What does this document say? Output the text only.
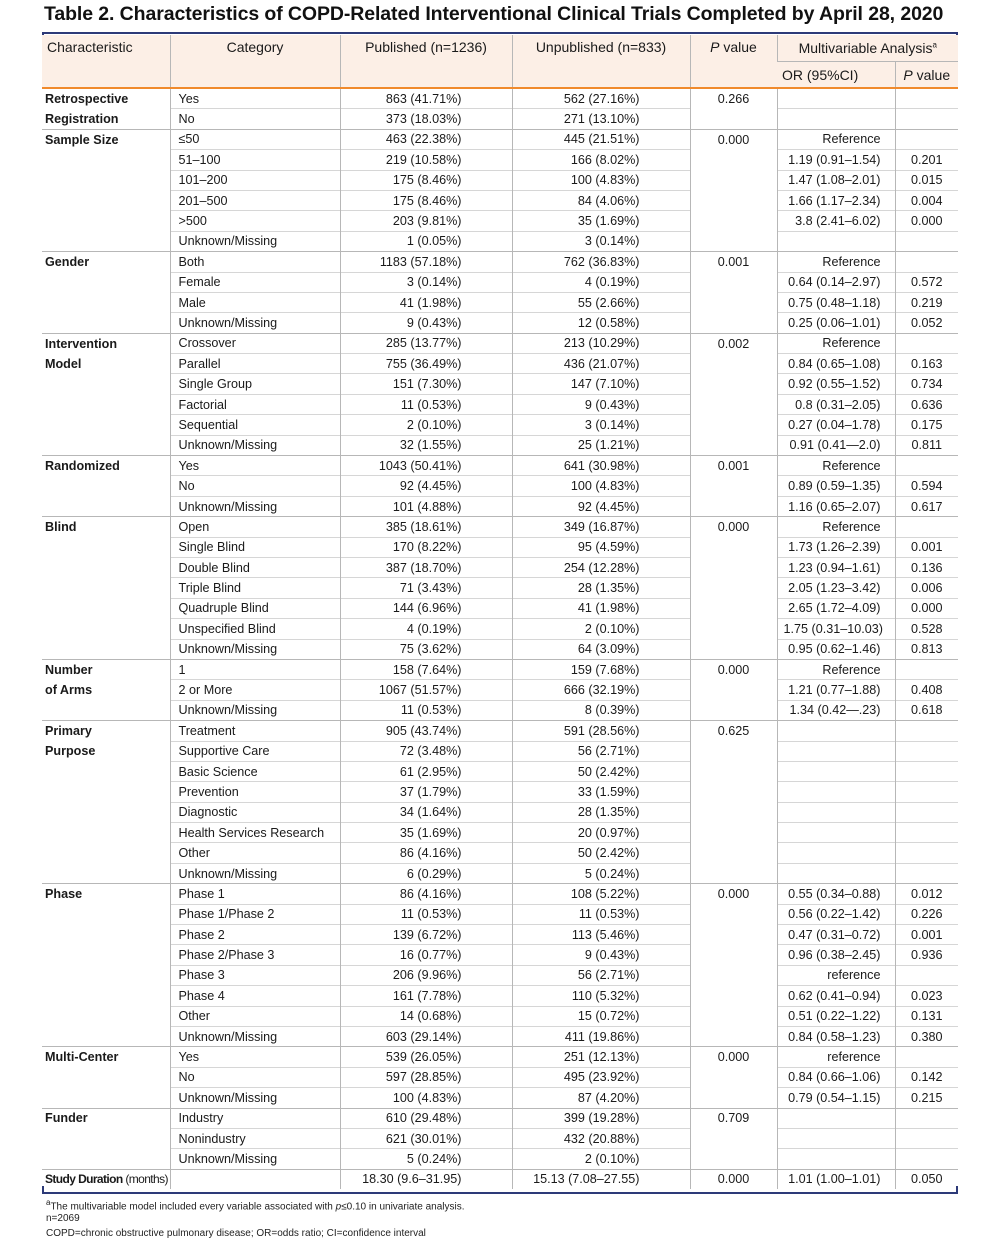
Table 2. Characteristics of COPD-Related Interventional Clinical Trials Completed by April 28, 2020
Characteristic	Category	Published (n=1236)	Unpublished (n=833)	P value	Multivariable Analysis$^a$
					OR (95%CI)	P value
Retrospective	Yes	863 (41.71%)	562 (27.16%)	0.266		
Registration	No	373 (18.03%)	271 (13.10%)			
Sample Size	≤50	463 (22.38%)	445 (21.51%)	0.000	Reference	
	51–100	219 (10.58%)	166 (8.02%)		1.19 (0.91–1.54)	0.201
	101–200	175 (8.46%)	100 (4.83%)		1.47 (1.08–2.01)	0.015
	201–500	175 (8.46%)	84 (4.06%)		1.66 (1.17–2.34)	0.004
	>500	203 (9.81%)	35 (1.69%)		3.8 (2.41–6.02)	0.000
	Unknown/Missing	1 (0.05%)	3 (0.14%)			
Gender	Both	1183 (57.18%)	762 (36.83%)	0.001	Reference	
	Female	3 (0.14%)	4 (0.19%)		0.64 (0.14–2.97)	0.572
	Male	41 (1.98%)	55 (2.66%)		0.75 (0.48–1.18)	0.219
	Unknown/Missing	9 (0.43%)	12 (0.58%)		0.25 (0.06–1.01)	0.052
Intervention	Crossover	285 (13.77%)	213 (10.29%)	0.002	Reference	
Model	Parallel	755 (36.49%)	436 (21.07%)		0.84 (0.65–1.08)	0.163
	Single Group	151 (7.30%)	147 (7.10%)		0.92 (0.55–1.52)	0.734
	Factorial	11 (0.53%)	9 (0.43%)		0.8 (0.31–2.05)	0.636
	Sequential	2 (0.10%)	3 (0.14%)		0.27 (0.04–1.78)	0.175
	Unknown/Missing	32 (1.55%)	25 (1.21%)		0.91 (0.41—2.0)	0.811
Randomized	Yes	1043 (50.41%)	641 (30.98%)	0.001	Reference	
	No	92 (4.45%)	100 (4.83%)		0.89 (0.59–1.35)	0.594
	Unknown/Missing	101 (4.88%)	92 (4.45%)		1.16 (0.65–2.07)	0.617
Blind	Open	385 (18.61%)	349 (16.87%)	0.000	Reference	
	Single Blind	170 (8.22%)	95 (4.59%)		1.73 (1.26–2.39)	0.001
	Double Blind	387 (18.70%)	254 (12.28%)		1.23 (0.94–1.61)	0.136
	Triple Blind	71 (3.43%)	28 (1.35%)		2.05 (1.23–3.42)	0.006
	Quadruple Blind	144 (6.96%)	41 (1.98%)		2.65 (1.72–4.09)	0.000
	Unspecified Blind	4 (0.19%)	2 (0.10%)		1.75 (0.31–10.03)	0.528
	Unknown/Missing	75 (3.62%)	64 (3.09%)		0.95 (0.62–1.46)	0.813
Number	1	158 (7.64%)	159 (7.68%)	0.000	Reference	
of Arms	2 or More	1067 (51.57%)	666 (32.19%)		1.21 (0.77–1.88)	0.408
	Unknown/Missing	11 (0.53%)	8 (0.39%)		1.34 (0.42—.23)	0.618
Primary	Treatment	905 (43.74%)	591 (28.56%)	0.625		
Purpose	Supportive Care	72 (3.48%)	56 (2.71%)			
	Basic Science	61 (2.95%)	50 (2.42%)			
	Prevention	37 (1.79%)	33 (1.59%)			
	Diagnostic	34 (1.64%)	28 (1.35%)			
	Health Services Research	35 (1.69%)	20 (0.97%)			
	Other	86 (4.16%)	50 (2.42%)			
	Unknown/Missing	6 (0.29%)	5 (0.24%)			
Phase	Phase 1	86 (4.16%)	108 (5.22%)	0.000	0.55 (0.34–0.88)	0.012
	Phase 1/Phase 2	11 (0.53%)	11 (0.53%)		0.56 (0.22–1.42)	0.226
	Phase 2	139 (6.72%)	113 (5.46%)		0.47 (0.31–0.72)	0.001
	Phase 2/Phase 3	16 (0.77%)	9 (0.43%)		0.96 (0.38–2.45)	0.936
	Phase 3	206 (9.96%)	56 (2.71%)		reference	
	Phase 4	161 (7.78%)	110 (5.32%)		0.62 (0.41–0.94)	0.023
	Other	14 (0.68%)	15 (0.72%)		0.51 (0.22–1.22)	0.131
	Unknown/Missing	603 (29.14%)	411 (19.86%)		0.84 (0.58–1.23)	0.380
Multi-Center	Yes	539 (26.05%)	251 (12.13%)	0.000	reference	
	No	597 (28.85%)	495 (23.92%)		0.84 (0.66–1.06)	0.142
	Unknown/Missing	100 (4.83%)	87 (4.20%)		0.79 (0.54–1.15)	0.215
Funder	Industry	610 (29.48%)	399 (19.28%)	0.709		
	Nonindustry	621 (30.01%)	432 (20.88%)			
	Unknown/Missing	5 (0.24%)	2 (0.10%)			
Study Duration (months)		18.30 (9.6–31.95)	15.13 (7.08–27.55)	0.000	1.01 (1.00–1.01)	0.050
$^a$The multivariable model included every variable associated with p≤0.10 in univariate analysis.
n=2069
COPD=chronic obstructive pulmonary disease; OR=odds ratio; CI=confidence interval
